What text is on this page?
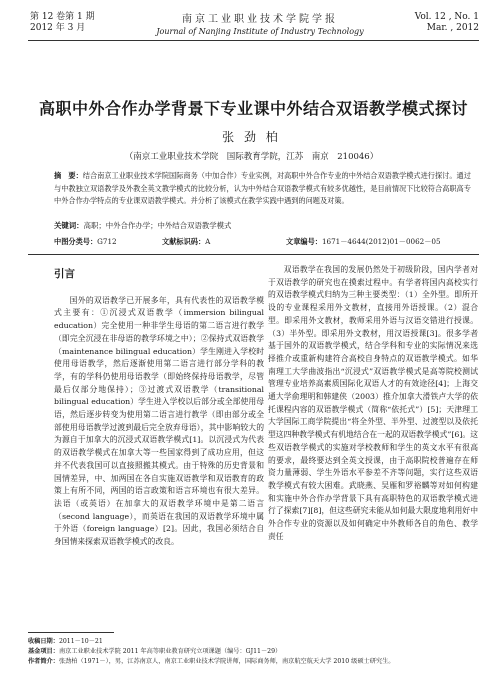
第 12 卷第 1 期
2012 年 3 月
南京工业职业技术学院学报
Journal of Nanjing Institute of Industry Technology
Vol. 12 , No. 1
Mar. , 2012
高职中外合作办学背景下专业课中外结合双语教学模式探讨
张 劲 柏
（南京工业职业技术学院　国际教育学院，江苏　南京　210046）
摘　要：结合南京工业职业技术学院国际商务（中加合作）专业实例，对高职中外合作专业的中外结合双语教学模式进行探讨。通过与中教独立双语教学及外教全英文教学模式的比较分析，认为中外结合双语教学模式有较多优越性，是目前情况下比较符合高职高专中外合作办学特点的专业课双语教学模式。并分析了该模式在教学实践中遇到的问题及对策。
关键词：高职；中外合作办学；中外结合双语教学模式
中图分类号：G712	文献标识码：A	文章编号：1671－4644(2012)01－0062－05

引言

国外的双语教学已开展多年，具有代表性的双语教学模式主要有：①沉浸式双语教学（immersion bilingual education）完全使用一种非学生母语的第二语言进行教学（即完全沉浸在非母语的教学环境之中）；②保持式双语教学（maintenance bilingual education）学生刚进入学校时使用母语教学，然后逐渐使用第二语言进行部分学科的教学，有的学科仍使用母语教学（即始终保持母语教学，尽管最后仅部分地保持）；③过渡式双语教学（transitional bilingual education）学生进入学校以后部分或全部使用母语，然后逐步转变为使用第二语言进行教学（即由部分或全部使用母语教学过渡到最后完全放弃母语），其中影响较大的为源自于加拿大的沉浸式双语教学模式[1]。以沉浸式为代表的双语教学模式在加拿大等一些国家得到了成功应用，但这并不代表我国可以直接照搬其模式。由于特殊的历史背景和国情差异，中、加两国在各自实施双语教学和双语教育的政策上有所不同，两国的语言政策和语言环境也有很大差异。法语（或英语）在加拿大的双语教学环境中是第二语言（second language），而英语在我国的双语教学环境中属于外语（foreign language）[2]。因此，我国必须结合自身国情来探索双语教学模式的改良。

双语教学在我国的发展仍然处于初级阶段，国内学者对于双语教学的研究也在摸索过程中。有学者将国内高校实行的双语教学模式归纳为三种主要类型：（1）全外型。即所开设的专业课程采用外文教材，直接用外语授课。（2）混合型。即采用外文教材，教师采用外语与汉语交错进行授课。（3）半外型。即采用外文教材，用汉语授课[3]。很多学者基于国外的双语教学模式，结合学科和专业的实际情况来选择推介或重新构建符合高校自身特点的双语教学模式。如华南理工大学曲波指出“沉浸式”双语教学模式是高等院校测试管理专业培养高素质国际化双语人才的有效途径[4]；上海交通大学俞理明和韩建侠（2003）推介加拿大滑铁卢大学的依托课程内容的双语教学模式（简称“依托式”）[5]；天津理工大学国际工商学院提出“将全外型、半外型、过渡型以及依托型这四种教学模式有机地结合在一起的双语教学模式”[6]。这些双语教学模式的实施对学校教师和学生的英文水平有很高的要求，最终要达到全英文授课，由于高职院校普遍存在师资力量薄弱、学生外语水平参差不齐等问题，实行这些双语教学模式有较大困难。武晓燕、吴雁和罗裕麟等对如何构建和实施中外合作办学背景下具有高职特色的双语教学模式进行了探索[7][8]，但这些研究未能从如何最大限度地利用好中外合作专业的资源以及如何确定中外教师各自的角色、教学责任

收稿日期：2011－10－21
基金项目：南京工业职业技术学院 2011 年高等职业教育研究立项课题（编号：GJ11－29）
作者简介：张劲柏（1971－），男，江苏南京人，南京工业职业技术学院讲师，国际商务师，南京航空航天大学 2010 级硕士研究生。
